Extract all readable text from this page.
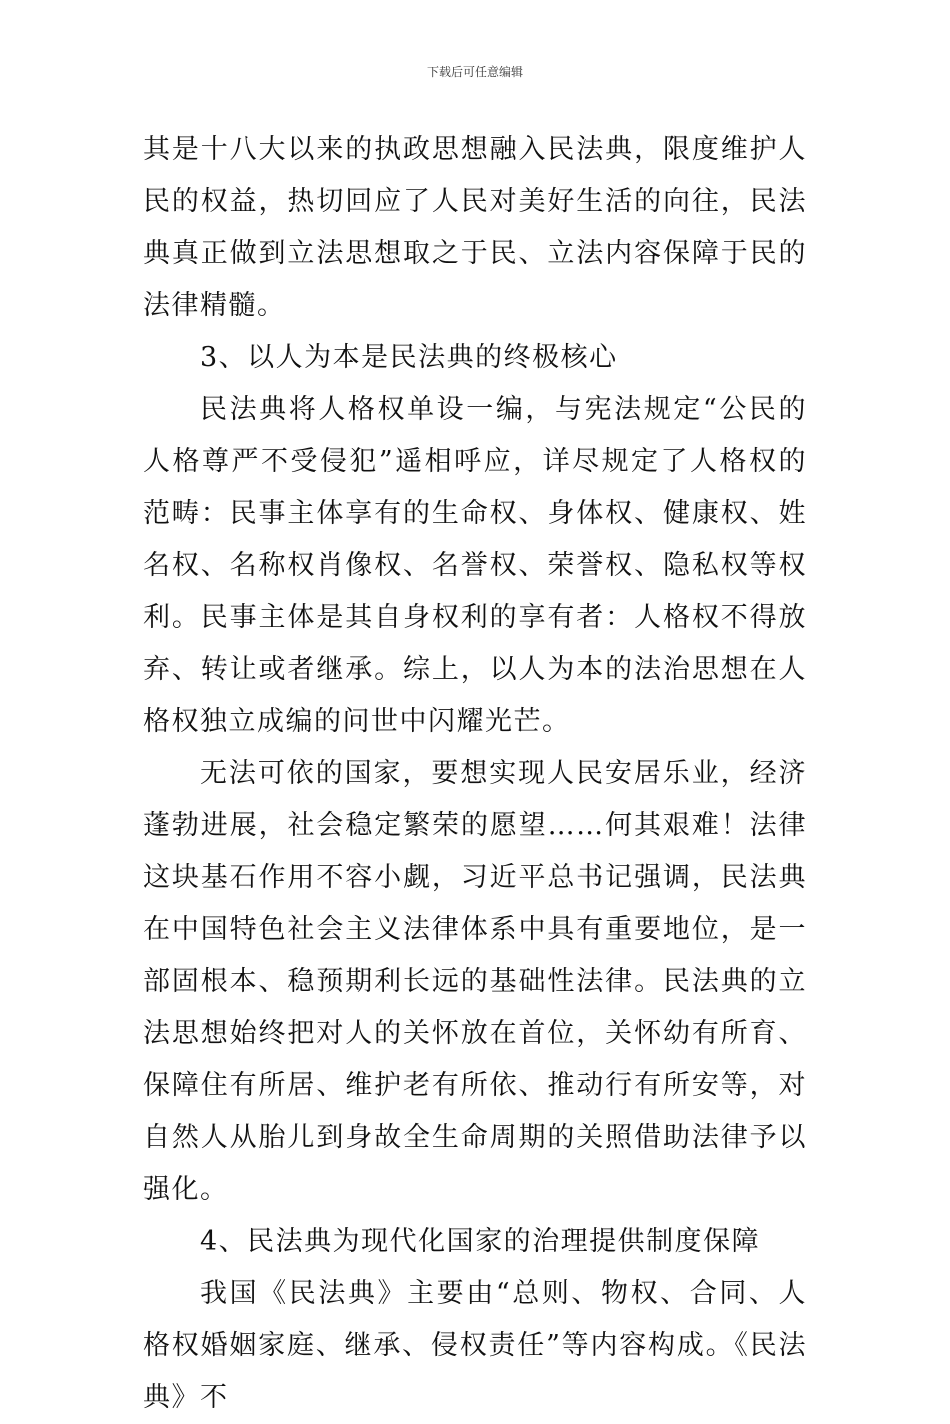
下载后可任意编辑

其是十八大以来的执政思想融入民法典，限度维护人民的权益，热切回应了人民对美好生活的向往，民法典真正做到立法思想取之于民、立法内容保障于民的法律精髓。

3、以人为本是民法典的终极核心

民法典将人格权单设一编，与宪法规定“公民的人格尊严不受侵犯”遥相呼应，详尽规定了人格权的范畴：民事主体享有的生命权、身体权、健康权、姓名权、名称权肖像权、名誉权、荣誉权、隐私权等权利。民事主体是其自身权利的享有者：人格权不得放弃、转让或者继承。综上，以人为本的法治思想在人格权独立成编的问世中闪耀光芒。

无法可依的国家，要想实现人民安居乐业，经济蓬勃进展，社会稳定繁荣的愿望……何其艰难！法律这块基石作用不容小觑，习近平总书记强调，民法典在中国特色社会主义法律体系中具有重要地位，是一部固根本、稳预期利长远的基础性法律。民法典的立法思想始终把对人的关怀放在首位，关怀幼有所育、保障住有所居、维护老有所依、推动行有所安等，对自然人从胎儿到身故全生命周期的关照借助法律予以强化。

4、民法典为现代化国家的治理提供制度保障

我国《民法典》主要由“总则、物权、合同、人格权婚姻家庭、继承、侵权责任”等内容构成。《民法典》不
